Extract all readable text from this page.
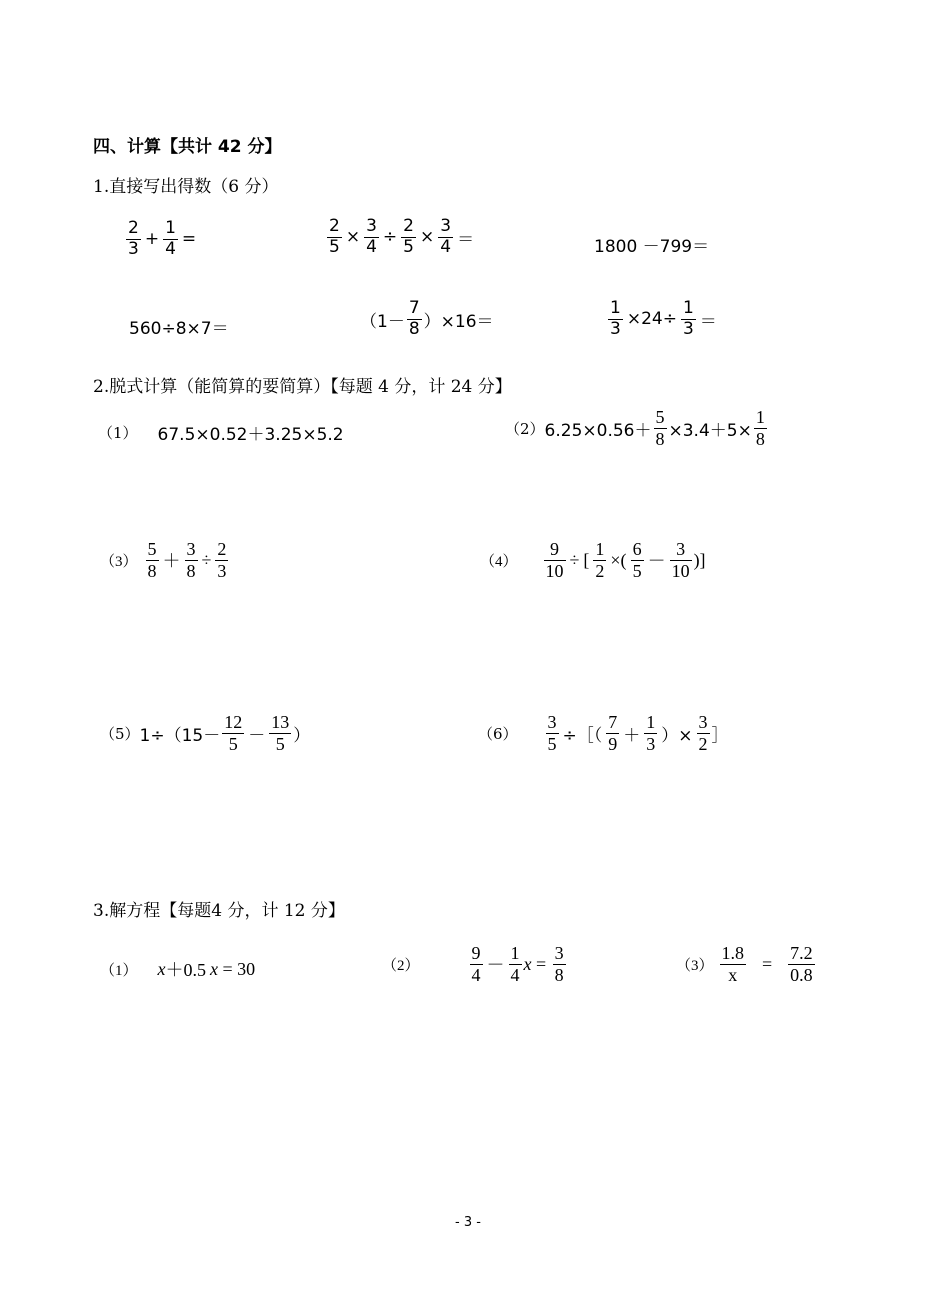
四、计算【共计 42 分】
1.直接写出得数（6 分）
$\frac{2}{3} + \frac{1}{4}$ =	$\frac{2}{5} \times \frac{3}{4} \div \frac{2}{5} \times \frac{3}{4}$ ＝	1800 －799＝
560÷8×7＝	（1－
7
8 ）×16＝	$\frac{1}{3} \times 24\div \frac{1}{3}$ ＝
2.脱式计算（能简算的要简算）【每题 4 分，计 24 分】
（1） 67.5×0.52＋3.25×5.2	（2） $6.25\times 0.56+ \frac{5}{8} \times 3.4+5\times \frac{1}{8}$
（3）
5
$8 + \frac{3}{8} \div \frac{2}{3}$	$(4) \frac{9}{10}$ ÷ [ $\frac{1}{2}$ ×(
6
5 －
3
10
)]
（5） 1÷（15－
12
5 －
13
5 ）	$(6) \frac{3}{5}$ ÷［（
7
9 ＋
1
3 ）× $\frac{3}{2}$ ］
3.解方程【每题4 分，计 12 分】
（1） x ＋0.5 x = 30	（2）
9
4 －
1
4
$x = \frac{3}{8}$	$(3) \frac{1.8}{x} = \frac{7.2}{0.8}$
- 3 -
